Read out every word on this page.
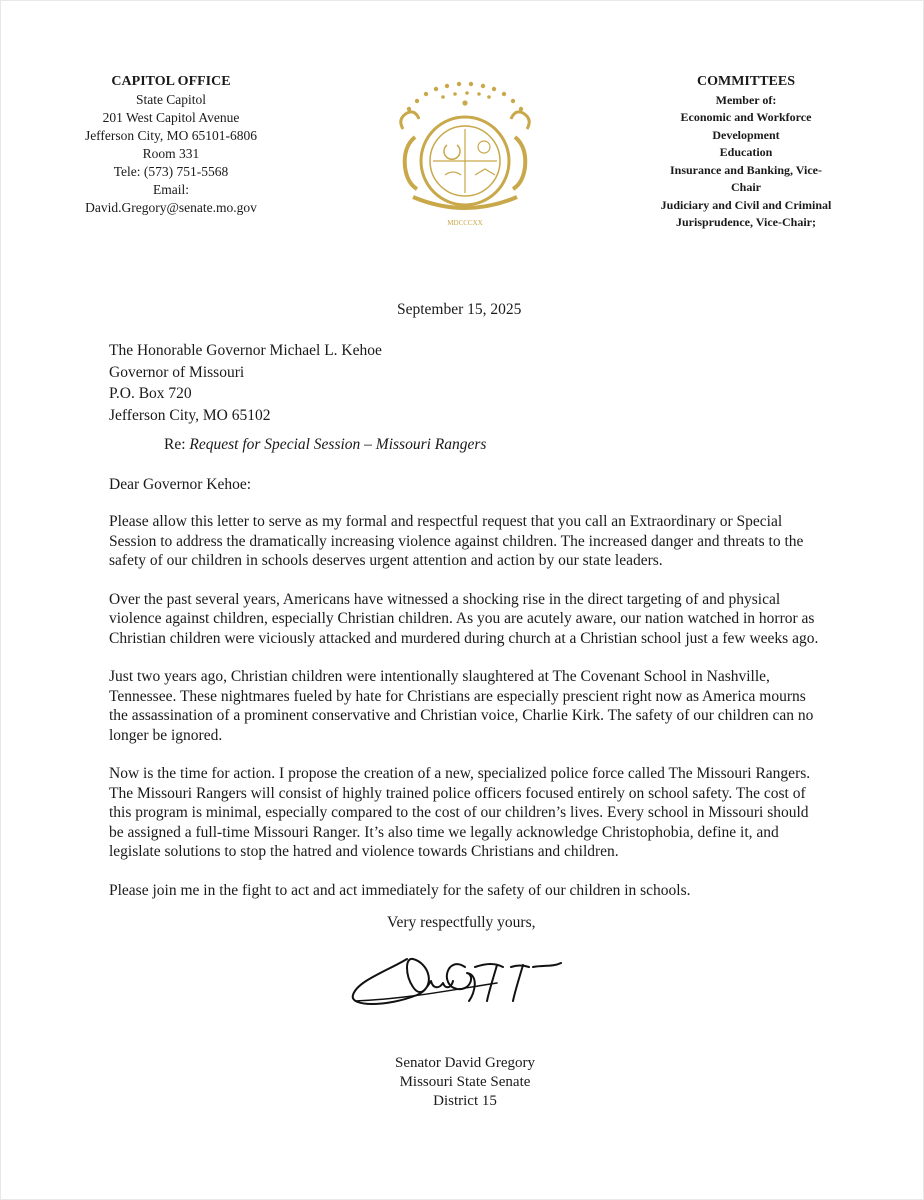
CAPITOL OFFICE
State Capitol
201 West Capitol Avenue
Jefferson City, MO 65101-6806
Room 331
Tele: (573) 751-5568
Email:
David.Gregory@senate.mo.gov
MDCCCXX
COMMITTEES
Member of:
Economic and Workforce
Development
Education
Insurance and Banking, Vice-
Chair
Judiciary and Civil and Criminal
Jurisprudence, Vice-Chair;
September 15, 2025
The Honorable Governor Michael L. Kehoe
Governor of Missouri
P.O. Box 720
Jefferson City, MO 65102
Re: Request for Special Session – Missouri Rangers
Dear Governor Kehoe:

Please allow this letter to serve as my formal and respectful request that you call an Extraordinary or Special Session to address the dramatically increasing violence against children. The increased danger and threats to the safety of our children in schools deserves urgent attention and action by our state leaders.

Over the past several years, Americans have witnessed a shocking rise in the direct targeting of and physical violence against children, especially Christian children. As you are acutely aware, our nation watched in horror as Christian children were viciously attacked and murdered during church at a Christian school just a few weeks ago.

Just two years ago, Christian children were intentionally slaughtered at The Covenant School in Nashville, Tennessee. These nightmares fueled by hate for Christians are especially prescient right now as America mourns the assassination of a prominent conservative and Christian voice, Charlie Kirk. The safety of our children can no longer be ignored.

Now is the time for action. I propose the creation of a new, specialized police force called The Missouri Rangers. The Missouri Rangers will consist of highly trained police officers focused entirely on school safety. The cost of this program is minimal, especially compared to the cost of our children’s lives. Every school in Missouri should be assigned a full-time Missouri Ranger. It’s also time we legally acknowledge Christophobia, define it, and legislate solutions to stop the hatred and violence towards Christians and children.

Please join me in the fight to act and act immediately for the safety of our children in schools.

Very respectfully yours,
Senator David Gregory
Missouri State Senate
District 15
